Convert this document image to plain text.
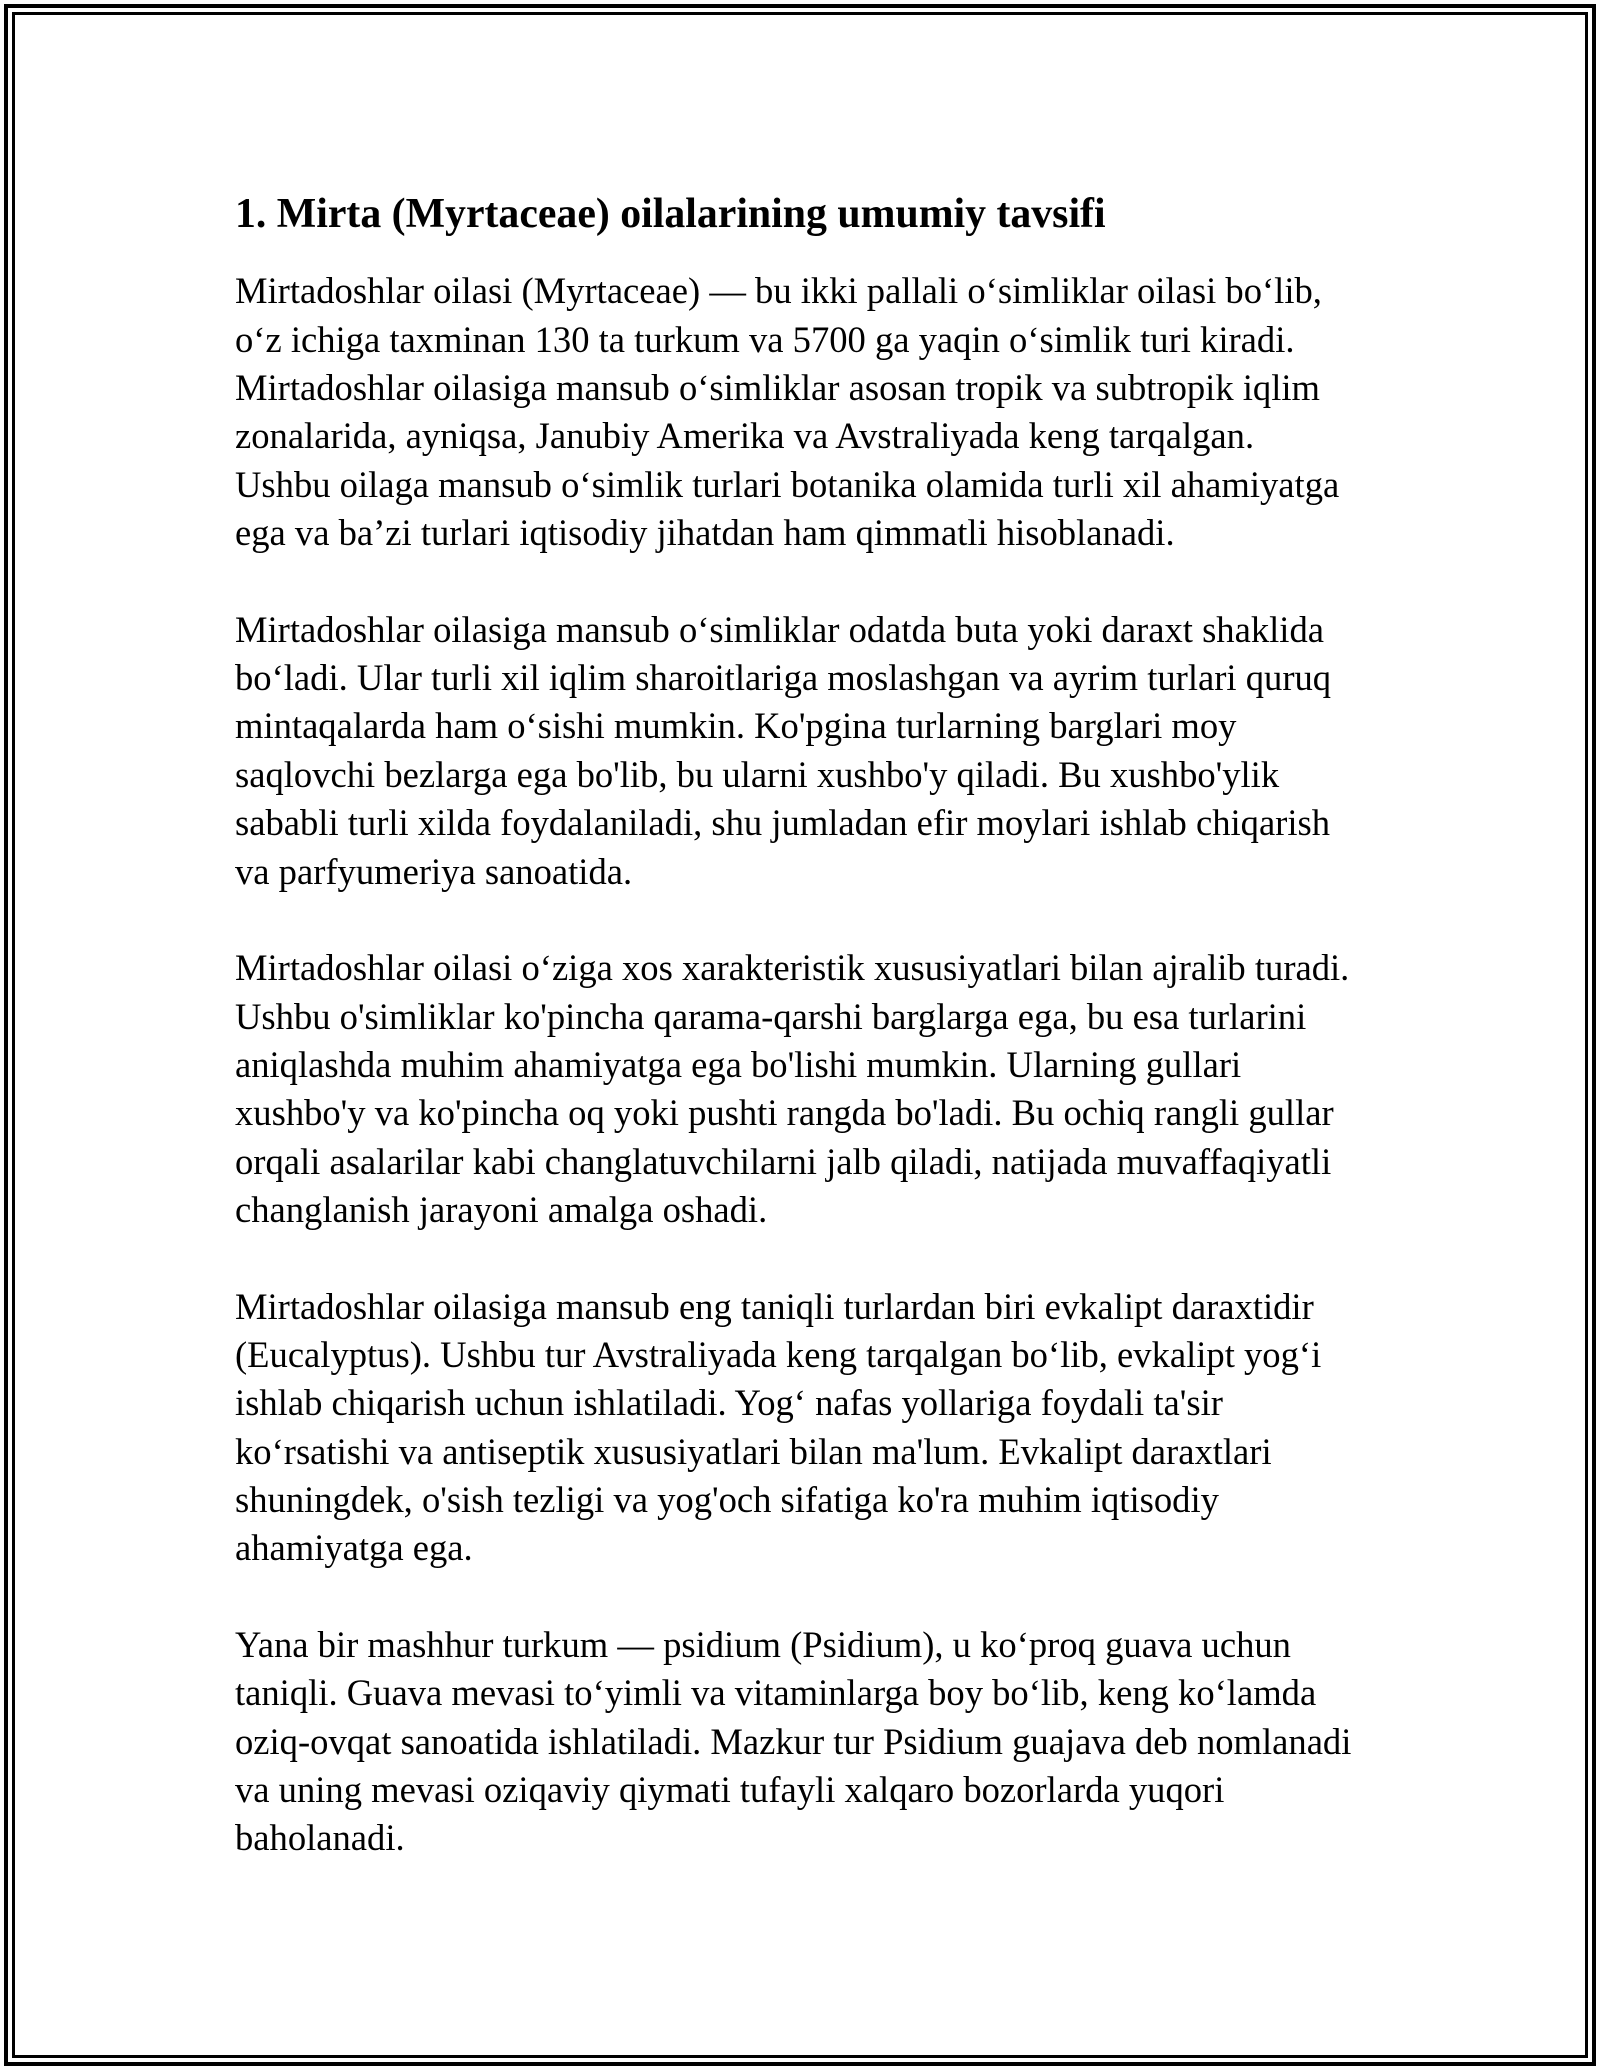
1. Mirta (Myrtaceae) oilalarining umumiy tavsifi

Mirtadoshlar oilasi (Myrtaceae) — bu ikki pallali o‘simliklar oilasi bo‘lib,
o‘z ichiga taxminan 130 ta turkum va 5700 ga yaqin o‘simlik turi kiradi.
Mirtadoshlar oilasiga mansub o‘simliklar asosan tropik va subtropik iqlim
zonalarida, ayniqsa, Janubiy Amerika va Avstraliyada keng tarqalgan.
Ushbu oilaga mansub o‘simlik turlari botanika olamida turli xil ahamiyatga
ega va ba’zi turlari iqtisodiy jihatdan ham qimmatli hisoblanadi.

Mirtadoshlar oilasiga mansub o‘simliklar odatda buta yoki daraxt shaklida
bo‘ladi. Ular turli xil iqlim sharoitlariga moslashgan va ayrim turlari quruq
mintaqalarda ham o‘sishi mumkin. Ko'pgina turlarning barglari moy
saqlovchi bezlarga ega bo'lib, bu ularni xushbo'y qiladi. Bu xushbo'ylik
sababli turli xilda foydalaniladi, shu jumladan efir moylari ishlab chiqarish
va parfyumeriya sanoatida.

Mirtadoshlar oilasi o‘ziga xos xarakteristik xususiyatlari bilan ajralib turadi.
Ushbu o'simliklar ko'pincha qarama-qarshi barglarga ega, bu esa turlarini
aniqlashda muhim ahamiyatga ega bo'lishi mumkin. Ularning gullari
xushbo'y va ko'pincha oq yoki pushti rangda bo'ladi. Bu ochiq rangli gullar
orqali asalarilar kabi changlatuvchilarni jalb qiladi, natijada muvaffaqiyatli
changlanish jarayoni amalga oshadi.

Mirtadoshlar oilasiga mansub eng taniqli turlardan biri evkalipt daraxtidir
(Eucalyptus). Ushbu tur Avstraliyada keng tarqalgan bo‘lib, evkalipt yog‘i
ishlab chiqarish uchun ishlatiladi. Yog‘ nafas yollariga foydali ta'sir
ko‘rsatishi va antiseptik xususiyatlari bilan ma'lum. Evkalipt daraxtlari
shuningdek, o'sish tezligi va yog'och sifatiga ko'ra muhim iqtisodiy
ahamiyatga ega.

Yana bir mashhur turkum — psidium (Psidium), u ko‘proq guava uchun
taniqli. Guava mevasi to‘yimli va vitaminlarga boy bo‘lib, keng ko‘lamda
oziq-ovqat sanoatida ishlatiladi. Mazkur tur Psidium guajava deb nomlanadi
va uning mevasi oziqaviy qiymati tufayli xalqaro bozorlarda yuqori
baholanadi.
